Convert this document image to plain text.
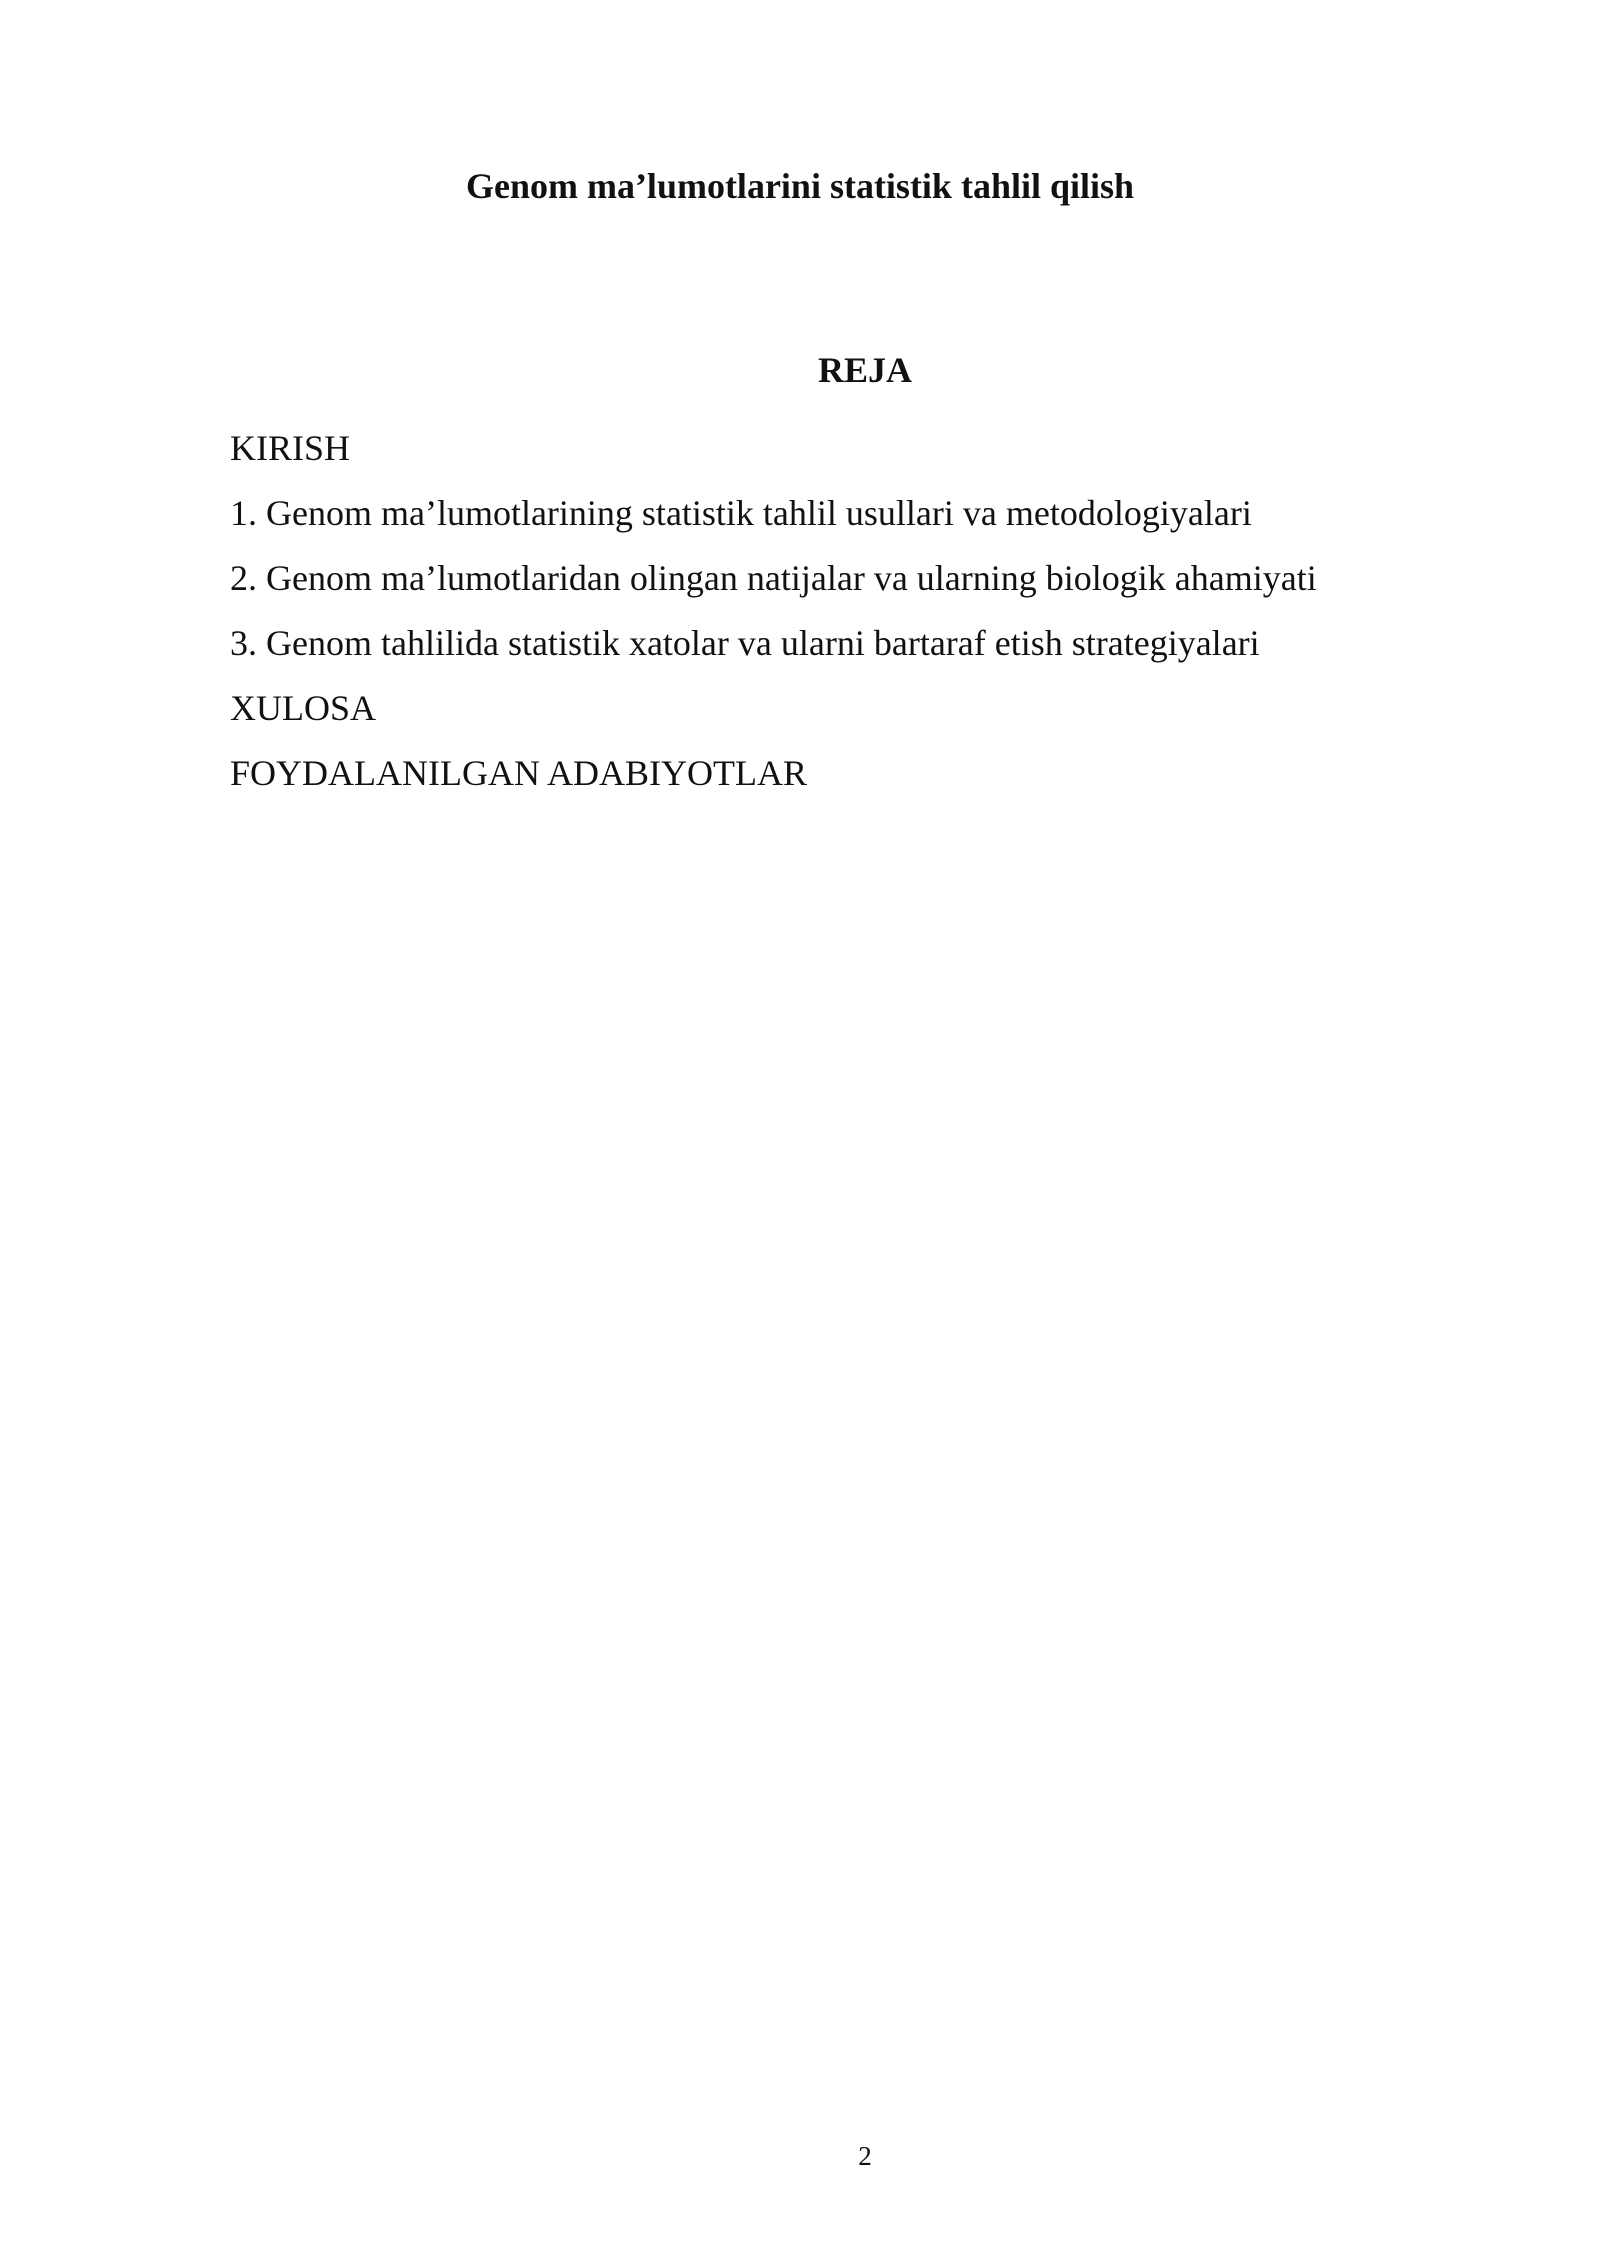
Genom ma’lumotlarini statistik tahlil qilish
REJA
KIRISH
1. Genom ma’lumotlarining statistik tahlil usullari va metodologiyalari
2. Genom ma’lumotlaridan olingan natijalar va ularning biologik ahamiyati
3. Genom tahlilida statistik xatolar va ularni bartaraf etish strategiyalari
XULOSA
FOYDALANILGAN ADABIYOTLAR
2
